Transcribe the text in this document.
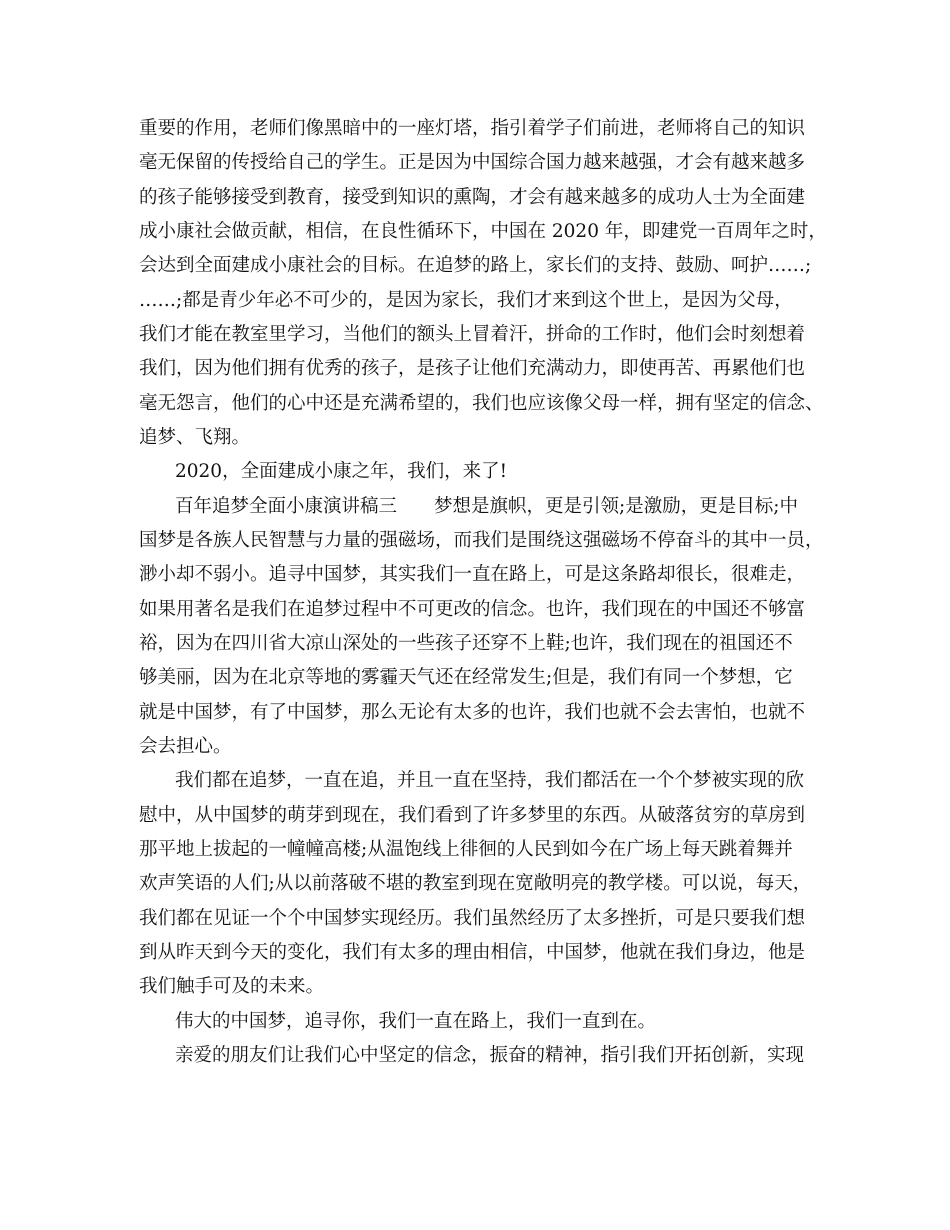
重要的作用，老师们像黑暗中的一座灯塔，指引着学子们前进，老师将自己的知识
毫无保留的传授给自己的学生。正是因为中国综合国力越来越强，才会有越来越多
的孩子能够接受到教育，接受到知识的熏陶，才会有越来越多的成功人士为全面建
成小康社会做贡献，相信，在良性循环下，中国在 2020 年，即建党一百周年之时，
会达到全面建成小康社会的目标。在追梦的路上，家长们的支持、鼓励、呵护……;
……;都是青少年必不可少的，是因为家长，我们才来到这个世上，是因为父母，
我们才能在教室里学习，当他们的额头上冒着汗，拼命的工作时，他们会时刻想着
我们，因为他们拥有优秀的孩子，是孩子让他们充满动力，即使再苦、再累他们也
毫无怨言，他们的心中还是充满希望的，我们也应该像父母一样，拥有坚定的信念、
追梦、飞翔。
2020，全面建成小康之年，我们，来了!
百年追梦全面小康演讲稿三　　梦想是旗帜，更是引领;是激励，更是目标;中
国梦是各族人民智慧与力量的强磁场，而我们是围绕这强磁场不停奋斗的其中一员，
渺小却不弱小。追寻中国梦，其实我们一直在路上，可是这条路却很长，很难走，
如果用著名是我们在追梦过程中不可更改的信念。也许，我们现在的中国还不够富
裕，因为在四川省大凉山深处的一些孩子还穿不上鞋;也许，我们现在的祖国还不
够美丽，因为在北京等地的雾霾天气还在经常发生;但是，我们有同一个梦想，它
就是中国梦，有了中国梦，那么无论有太多的也许，我们也就不会去害怕，也就不
会去担心。
我们都在追梦，一直在追，并且一直在坚持，我们都活在一个个梦被实现的欣
慰中，从中国梦的萌芽到现在，我们看到了许多梦里的东西。从破落贫穷的草房到
那平地上拔起的一幢幢高楼;从温饱线上徘徊的人民到如今在广场上每天跳着舞并
欢声笑语的人们;从以前落破不堪的教室到现在宽敞明亮的教学楼。可以说，每天，
我们都在见证一个个中国梦实现经历。我们虽然经历了太多挫折，可是只要我们想
到从昨天到今天的变化，我们有太多的理由相信，中国梦，他就在我们身边，他是
我们触手可及的未来。
伟大的中国梦，追寻你，我们一直在路上，我们一直到在。
亲爱的朋友们让我们心中坚定的信念，振奋的精神，指引我们开拓创新，实现
